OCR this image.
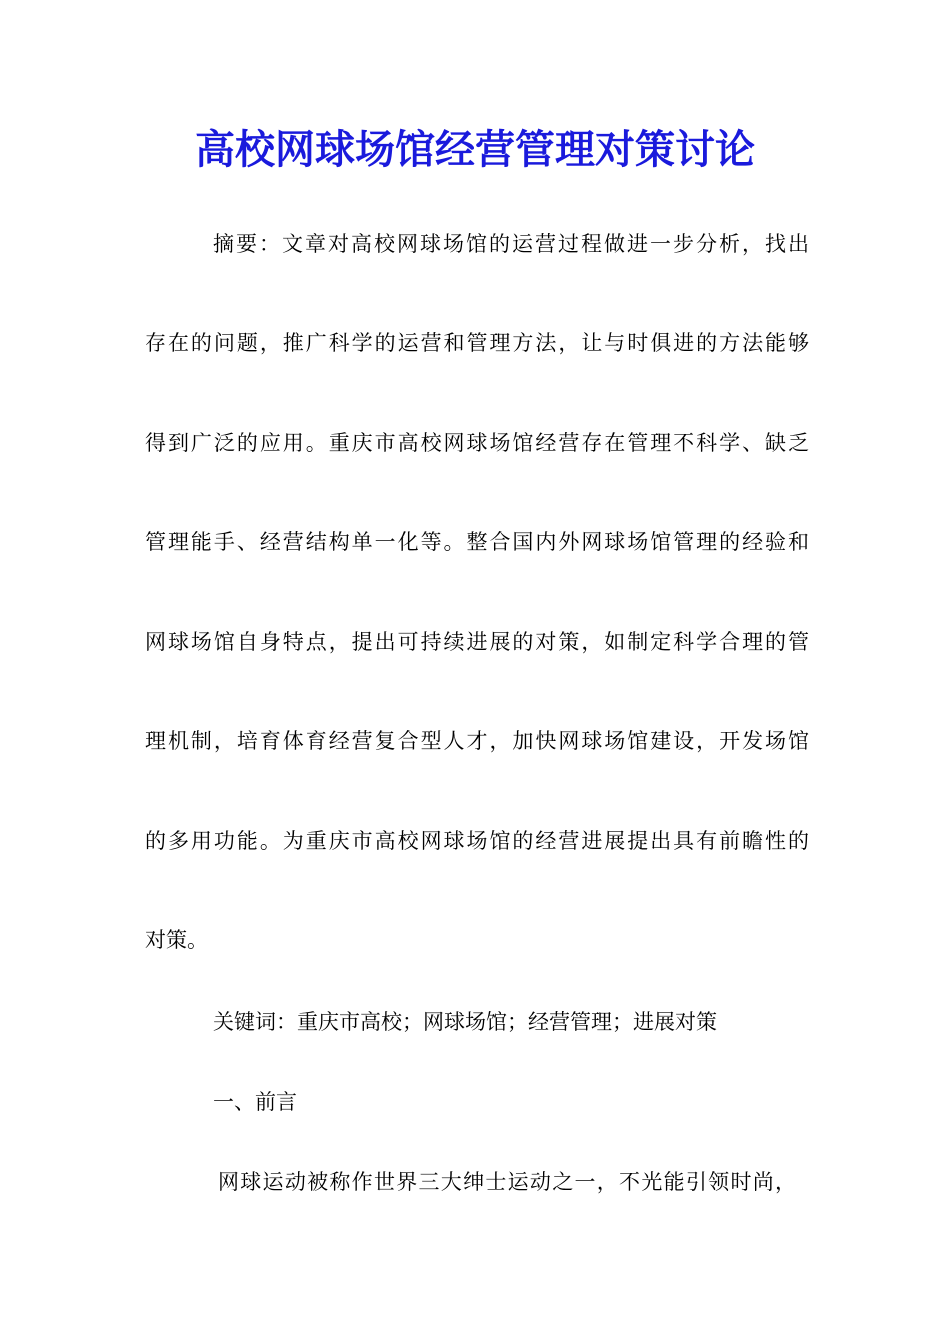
高校网球场馆经营管理对策讨论
摘要：文章对高校网球场馆的运营过程做进一步分析，找出
存在的问题，推广科学的运营和管理方法，让与时俱进的方法能够
得到广泛的应用。重庆市高校网球场馆经营存在管理不科学、缺乏
管理能手、经营结构单一化等。整合国内外网球场馆管理的经验和
网球场馆自身特点，提出可持续进展的对策，如制定科学合理的管
理机制，培育体育经营复合型人才，加快网球场馆建设，开发场馆
的多用功能。为重庆市高校网球场馆的经营进展提出具有前瞻性的
对策。
关键词：重庆市高校；网球场馆；经营管理；进展对策
一、前言
网球运动被称作世界三大绅士运动之一，不光能引领时尚，
